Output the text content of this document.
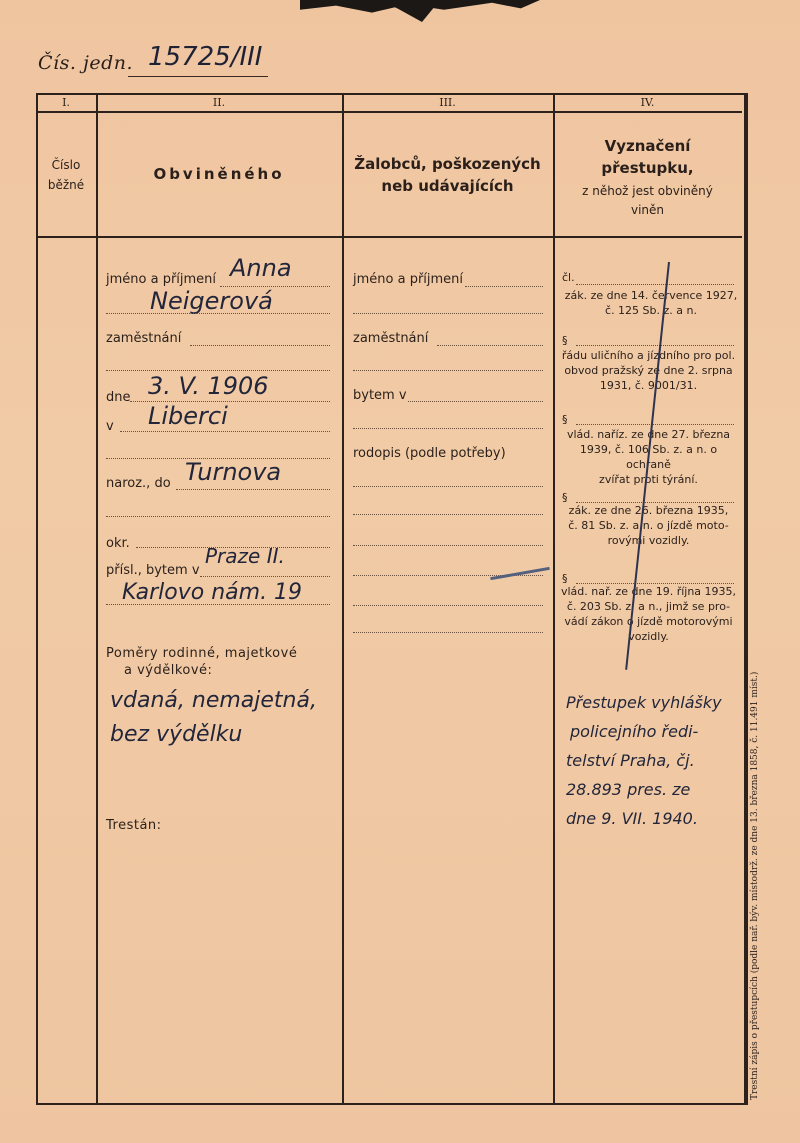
Čís. jedn. 15725/III
I.	II.	III.	IV.
Číslo
běžné
Obviněného
Žalobců, poškozených
neb udávajících
Vyznačení
přestupku,
z něhož jest obviněný
viněn
jméno a příjmení Anna
Neigerová
zaměstnání
dne 3. V. 1906
v Liberci
naroz., do Turnova
okr.
přísl., bytem v
Praze II.
Karlovo nám. 19
Poměry rodinné, majetkové
a výdělkové:
vdaná, nemajetná,
bez výdělku
Trestán:
jméno a příjmení
zaměstnání
bytem v
rodopis (podle potřeby)
čl.
zák. ze dne 14. července 1927,
č. 125 Sb. z. a n.
§
řádu uličního a jízdního pro pol.
obvod pražský ze dne 2. srpna
1931, č. 9001/31.
§
vlád. naříz. ze dne 27. března
1939, č. 106 Sb. z. a n. o ochraně
zvířat proti týrání.
§
zák. ze dne 26. března 1935,
č. 81 Sb. z. a n. o jízdě moto-
rovými vozidly.
§
vlád. nař. ze dne 19. října 1935,
č. 203 Sb. z. a n., jimž se pro-
vádí zákon o jízdě motorovými
vozidly.
Přestupek vyhlášky
policejního ředi-
telství Praha, čj.
28.893 pres. ze
dne 9. VII. 1940.	Trestní zápis o přestupcích (podle nař. býv. místodrž. ze dne 13. března 1858, č. 11.491 míst.)
